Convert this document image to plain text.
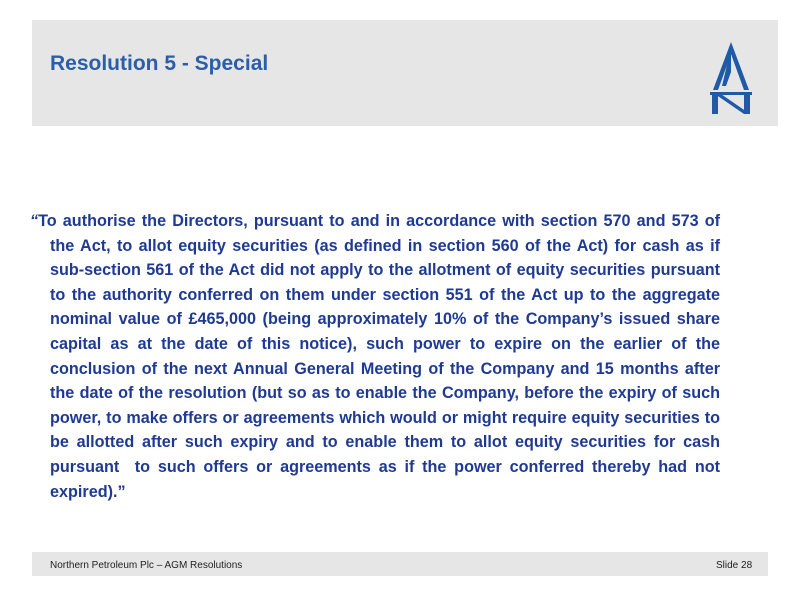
Resolution 5 - Special
“To authorise the Directors, pursuant to and in accordance with section 570 and 573 of the Act, to allot equity securities (as defined in section 560 of the Act) for cash as if sub-section 561 of the Act did not apply to the allotment of equity securities pursuant to the authority conferred on them under section 551 of the Act up to the aggregate nominal value of £465,000 (being approximately 10% of the Company’s issued share capital as at the date of this notice), such power to expire on the earlier of the conclusion of the next Annual General Meeting of the Company and 15 months after the date of the resolution (but so as to enable the Company, before the expiry of such power, to make offers or agreements which would or might require equity securities to be allotted after such expiry and to enable them to allot equity securities for cash pursuant  to such offers or agreements as if the power conferred thereby had not expired).”
Northern Petroleum Plc – AGM Resolutions	Slide 28
